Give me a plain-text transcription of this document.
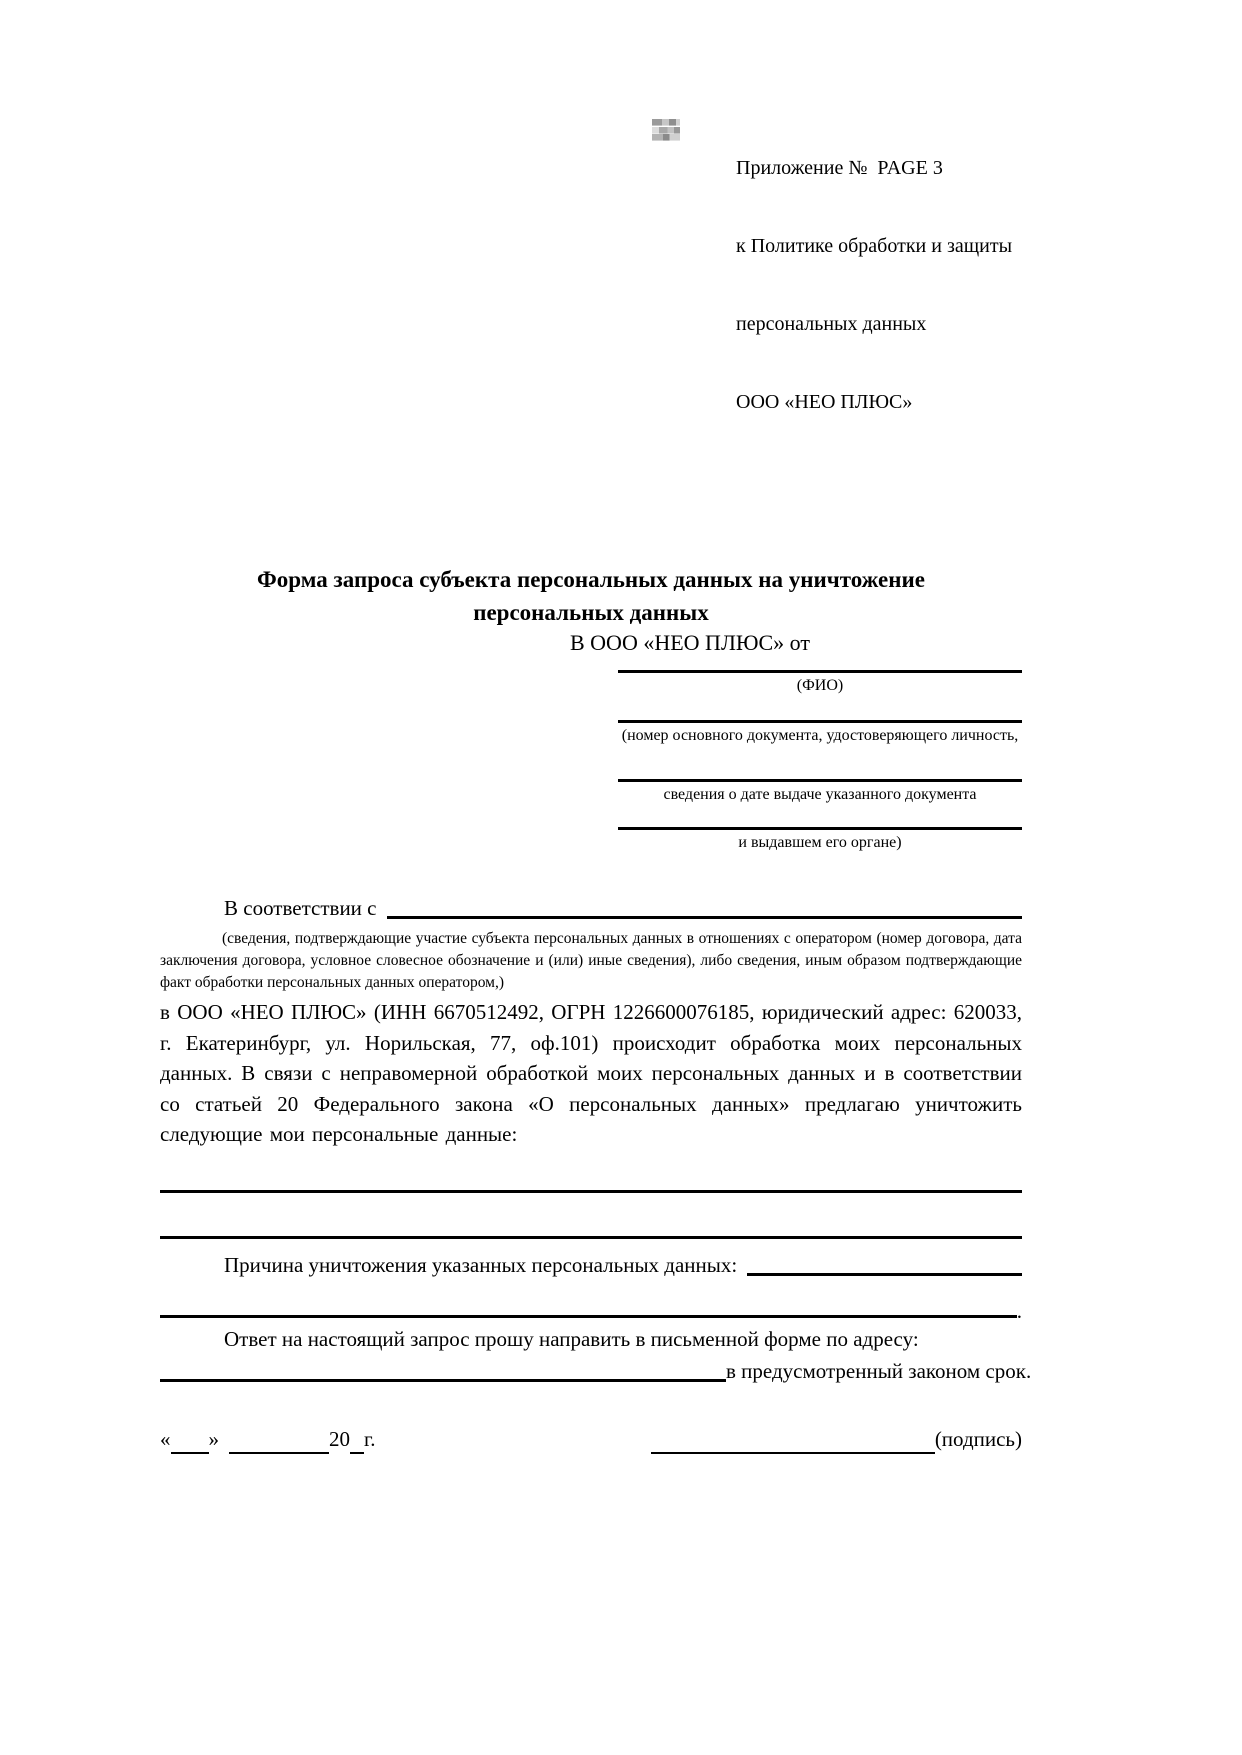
Приложение №  PAGE 3

к Политике обработки и защиты

персональных данных

ООО «НЕО ПЛЮС»

Форма запроса субъекта персональных данных на уничтожение
персональных данных
В ООО «НЕО ПЛЮС» от
(ФИО)
(номер основного документа, удостоверяющего личность,
сведения о дате выдаче указанного документа
и выдавшем его органе)
В соответствии с
(сведения, подтверждающие участие субъекта персональных данных в отношениях с оператором (номер договора, дата заключения договора, условное словесное обозначение и (или) иные сведения), либо сведения, иным образом подтверждающие факт обработки персональных данных оператором,)
в ООО «НЕО ПЛЮС» (ИНН 6670512492, ОГРН 1226600076185, юридический адрес: 620033, г. Екатеринбург, ул. Норильская, 77, оф.101) происходит обработка моих персональных данных. В связи с неправомерной обработкой моих персональных данных и в соответствии со статьей 20 Федерального закона «О персональных данных» предлагаю уничтожить следующие мои персональные данные:
Причина уничтожения указанных персональных данных:
.
Ответ на настоящий запрос прошу направить в письменной форме по адресу:
в предусмотренный законом срок.
« »	20 г.	(подпись)
